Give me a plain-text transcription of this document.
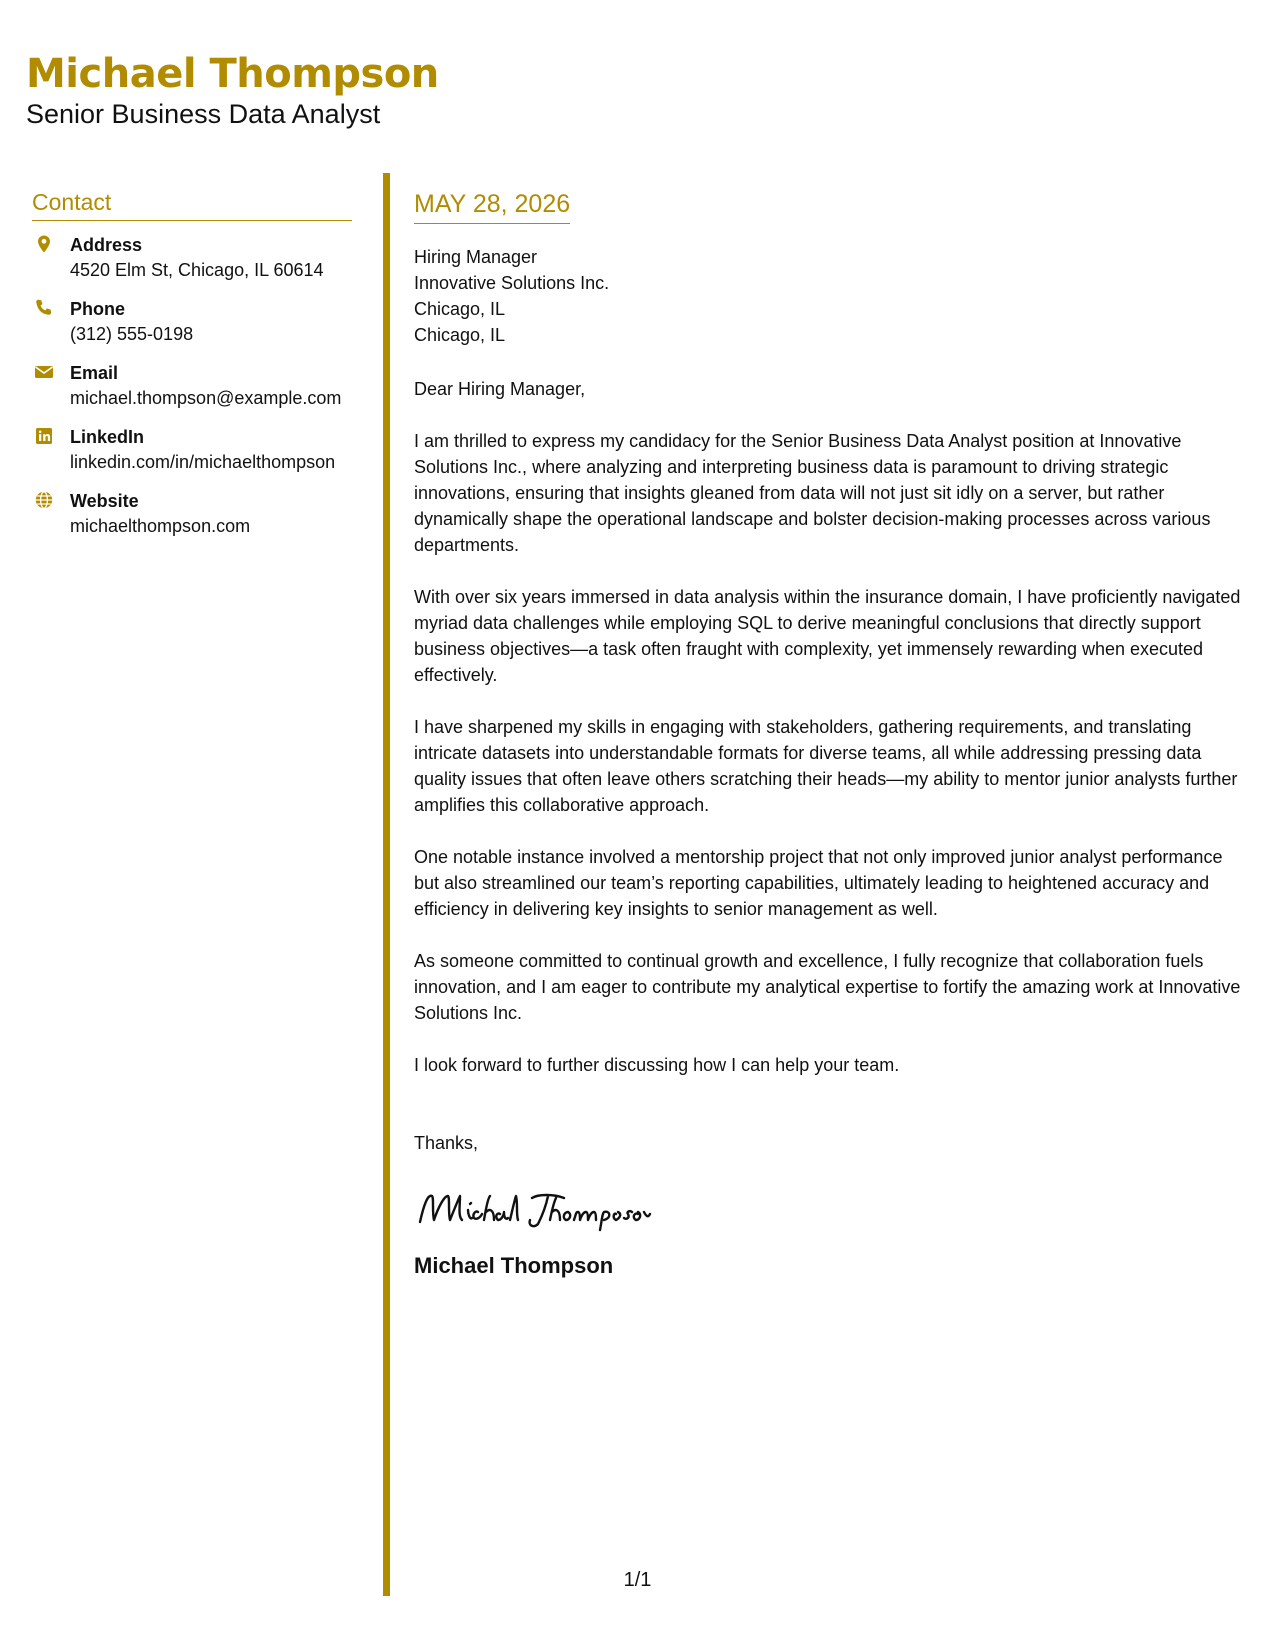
Michael Thompson
Senior Business Data Analyst
Contact
Address
4520 Elm St, Chicago, IL 60614
Phone
(312) 555-0198
Email
michael.thompson@example.com
LinkedIn
linkedin.com/in/michaelthompson
Website
michaelthompson.com
MAY 28, 2026
Hiring Manager
Innovative Solutions Inc.
Chicago, IL
Chicago, IL
Dear Hiring Manager,
I am thrilled to express my candidacy for the Senior Business Data Analyst position at Innovative Solutions Inc., where analyzing and interpreting business data is paramount to driving strategic innovations, ensuring that insights gleaned from data will not just sit idly on a server, but rather dynamically shape the operational landscape and bolster decision-making processes across various departments.
With over six years immersed in data analysis within the insurance domain, I have proficiently navigated myriad data challenges while employing SQL to derive meaningful conclusions that directly support business objectives—a task often fraught with complexity, yet immensely rewarding when executed effectively.
I have sharpened my skills in engaging with stakeholders, gathering requirements, and translating intricate datasets into understandable formats for diverse teams, all while addressing pressing data quality issues that often leave others scratching their heads—my ability to mentor junior analysts further amplifies this collaborative approach.
One notable instance involved a mentorship project that not only improved junior analyst performance but also streamlined our team’s reporting capabilities, ultimately leading to heightened accuracy and efficiency in delivering key insights to senior management as well.
As someone committed to continual growth and excellence, I fully recognize that collaboration fuels innovation, and I am eager to contribute my analytical expertise to fortify the amazing work at Innovative Solutions Inc.
I look forward to further discussing how I can help your team.
Thanks,
Michael Thompson
1/1
